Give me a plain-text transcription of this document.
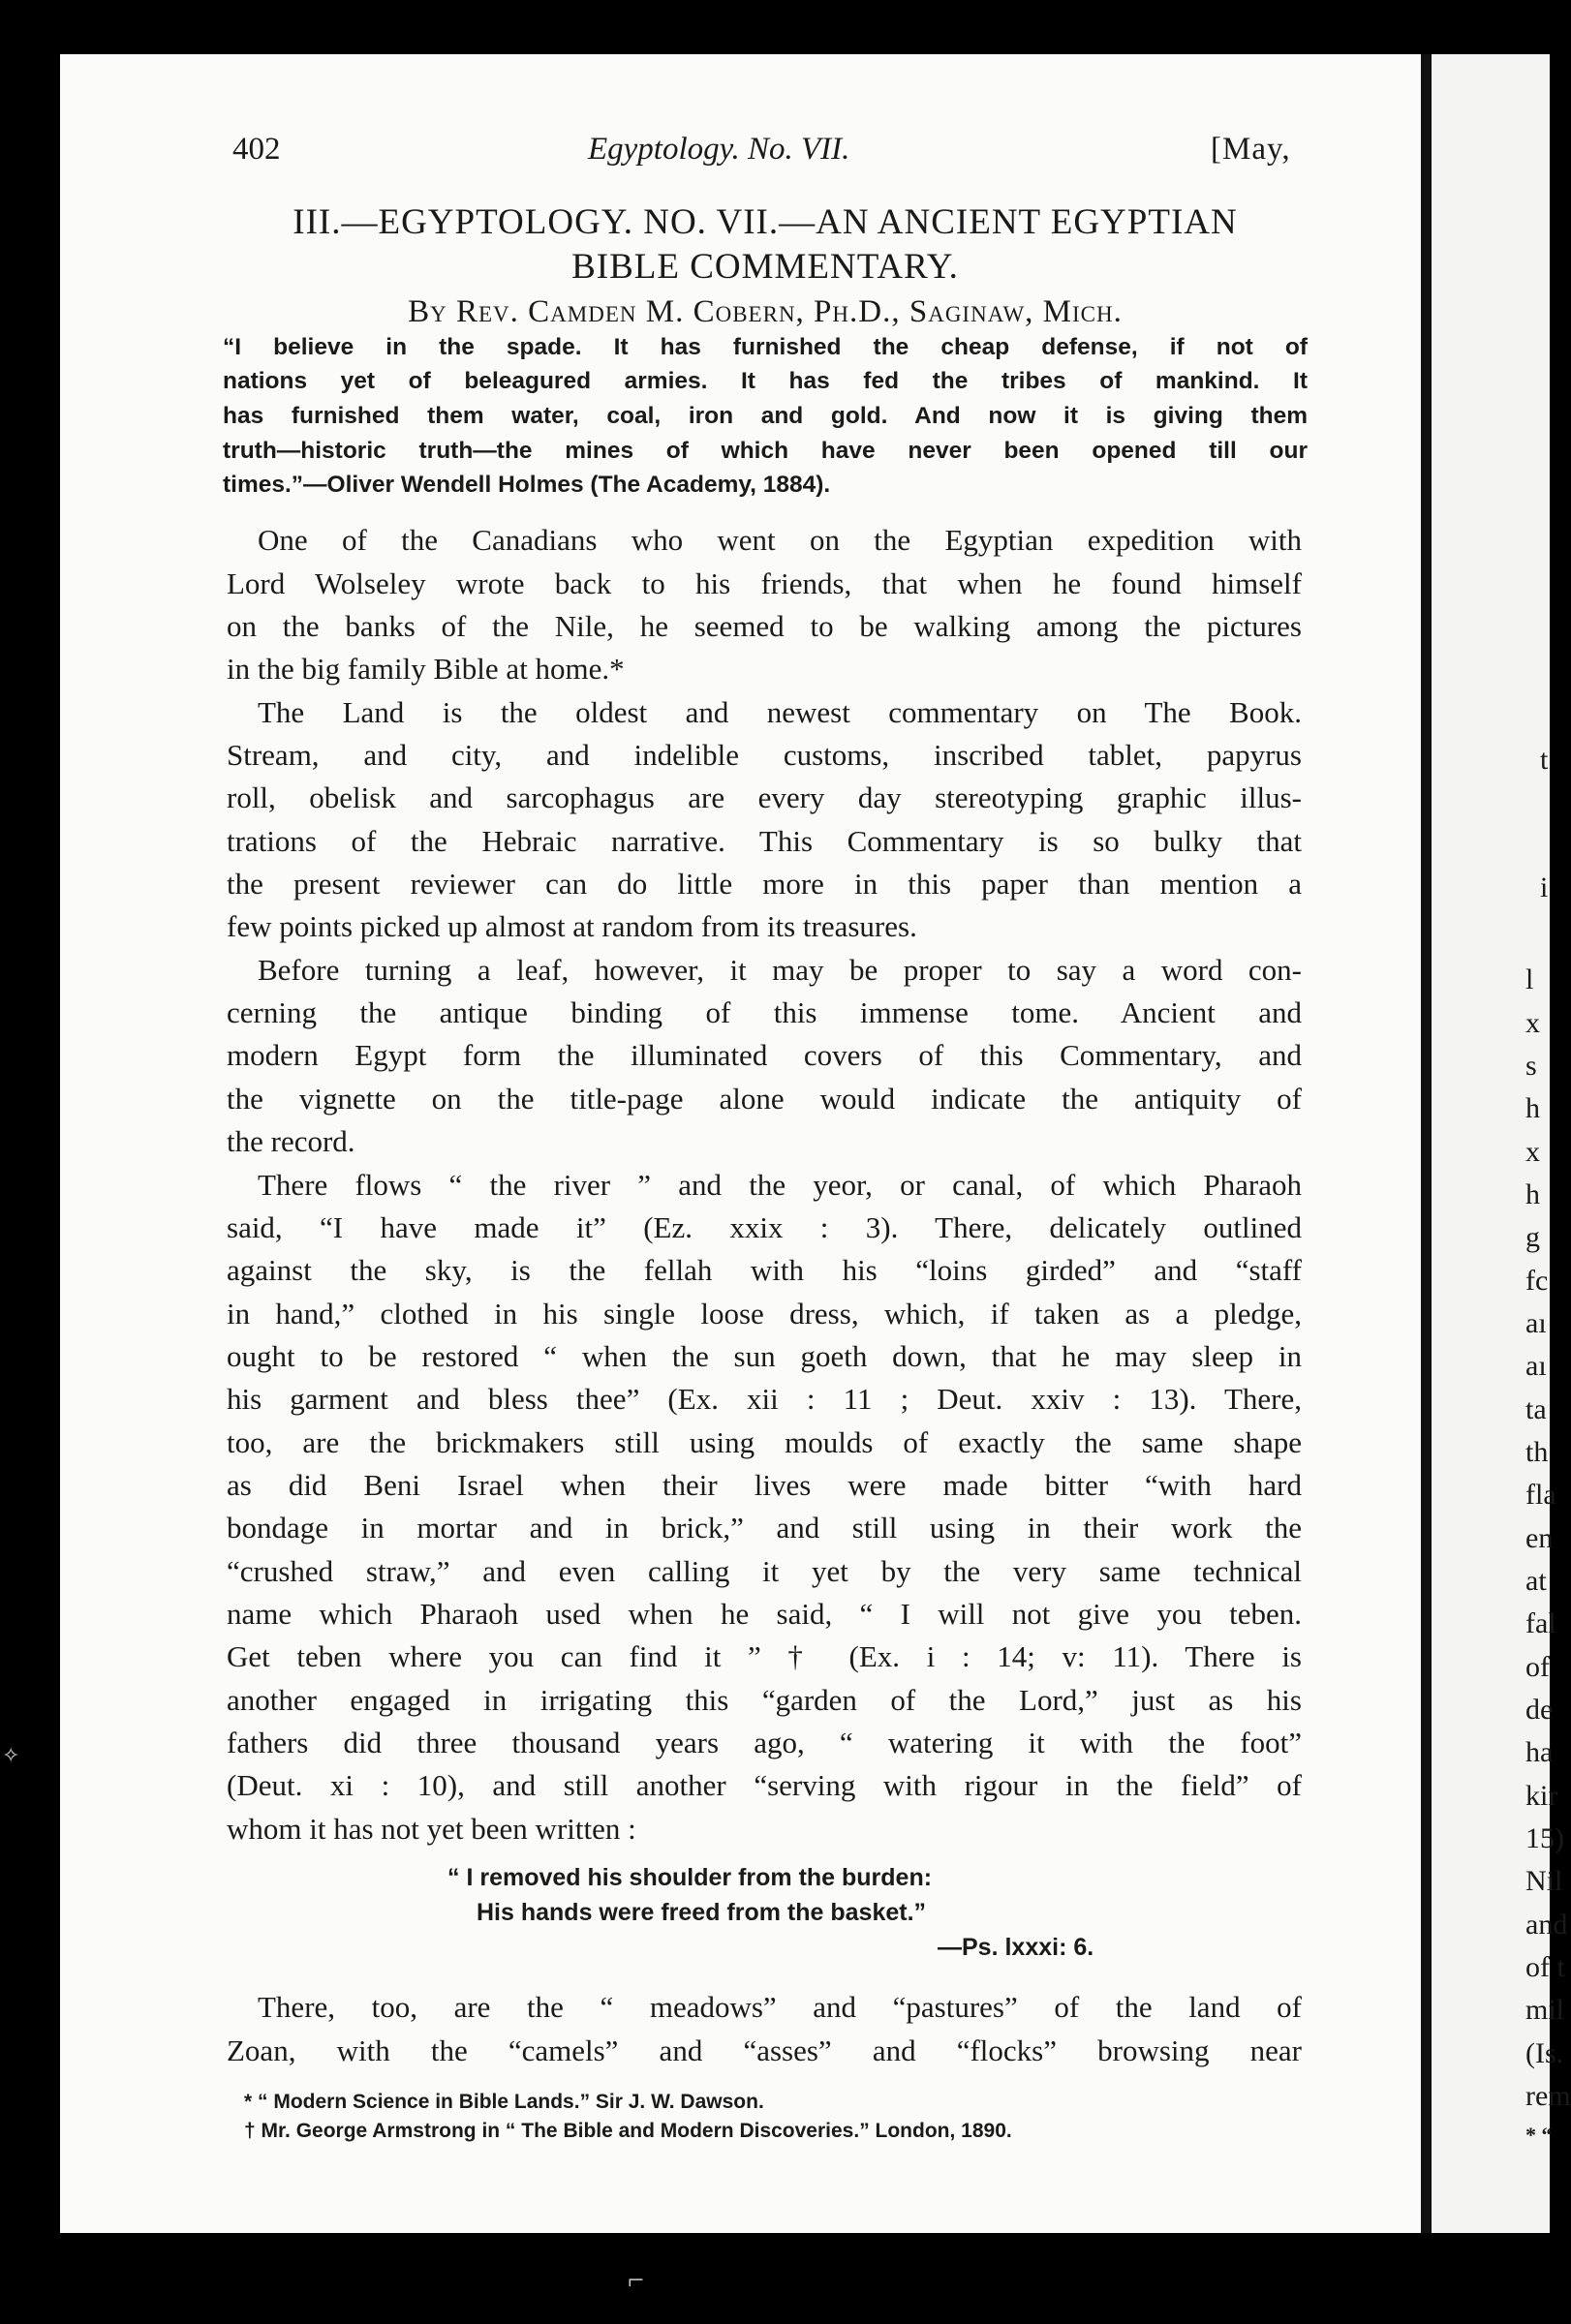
402	Egyptology. No. VII.	[May,
III.—EGYPTOLOGY. NO. VII.—AN ANCIENT EGYPTIAN
BIBLE COMMENTARY.
By Rev. Camden M. Cobern, Ph.D., Saginaw, Mich.
“I believe in the spade. It has furnished the cheap defense, if not of
nations yet of beleagured armies. It has fed the tribes of mankind. It
has furnished them water, coal, iron and gold. And now it is giving them
truth—historic truth—the mines of which have never been opened till our
times.”—Oliver Wendell Holmes (The Academy, 1884).
One of the Canadians who went on the Egyptian expedition with
Lord Wolseley wrote back to his friends, that when he found himself
on the banks of the Nile, he seemed to be walking among the pictures
in the big family Bible at home.*
The Land is the oldest and newest commentary on The Book.
Stream, and city, and indelible customs, inscribed tablet, papyrus
roll, obelisk and sarcophagus are every day stereotyping graphic illus-
trations of the Hebraic narrative. This Commentary is so bulky that
the present reviewer can do little more in this paper than mention a
few points picked up almost at random from its treasures.
Before turning a leaf, however, it may be proper to say a word con-
cerning the antique binding of this immense tome. Ancient and
modern Egypt form the illuminated covers of this Commentary, and
the vignette on the title-page alone would indicate the antiquity of
the record.
There flows “ the river ” and the yeor, or canal, of which Pharaoh
said, “I have made it” (Ez. xxix : 3). There, delicately outlined
against the sky, is the fellah with his “loins girded” and “staff
in hand,” clothed in his single loose dress, which, if taken as a pledge,
ought to be restored “ when the sun goeth down, that he may sleep in
his garment and bless thee” (Ex. xii : 11 ; Deut. xxiv : 13). There,
too, are the brickmakers still using moulds of exactly the same shape
as did Beni Israel when their lives were made bitter “with hard
bondage in mortar and in brick,” and still using in their work the
“crushed straw,” and even calling it yet by the very same technical
name which Pharaoh used when he said, “ I will not give you teben.
Get teben where you can find it ” † (Ex. i : 14; v: 11). There is
another engaged in irrigating this “garden of the Lord,” just as his
fathers did three thousand years ago, “ watering it with the foot”
(Deut. xi : 10), and still another “serving with rigour in the field” of
whom it has not yet been written :
“ I removed his shoulder from the burden:
His hands were freed from the basket.”
—Ps. lxxxi: 6.
There, too, are the “ meadows” and “pastures” of the land of
Zoan, with the “camels” and “asses” and “flocks” browsing near
* “ Modern Science in Bible Lands.” Sir J. W. Dawson.
† Mr. George Armstrong in “ The Bible and Modern Discoveries.” London, 1890.
t
i
l
x
s
h
x
h
g
fc
aı
aı
ta
th
fla
en
at
fal
of
de
ha
kir
15)
Nil
and
of t
mil
(Is.
rem
* “
✧
⌐
